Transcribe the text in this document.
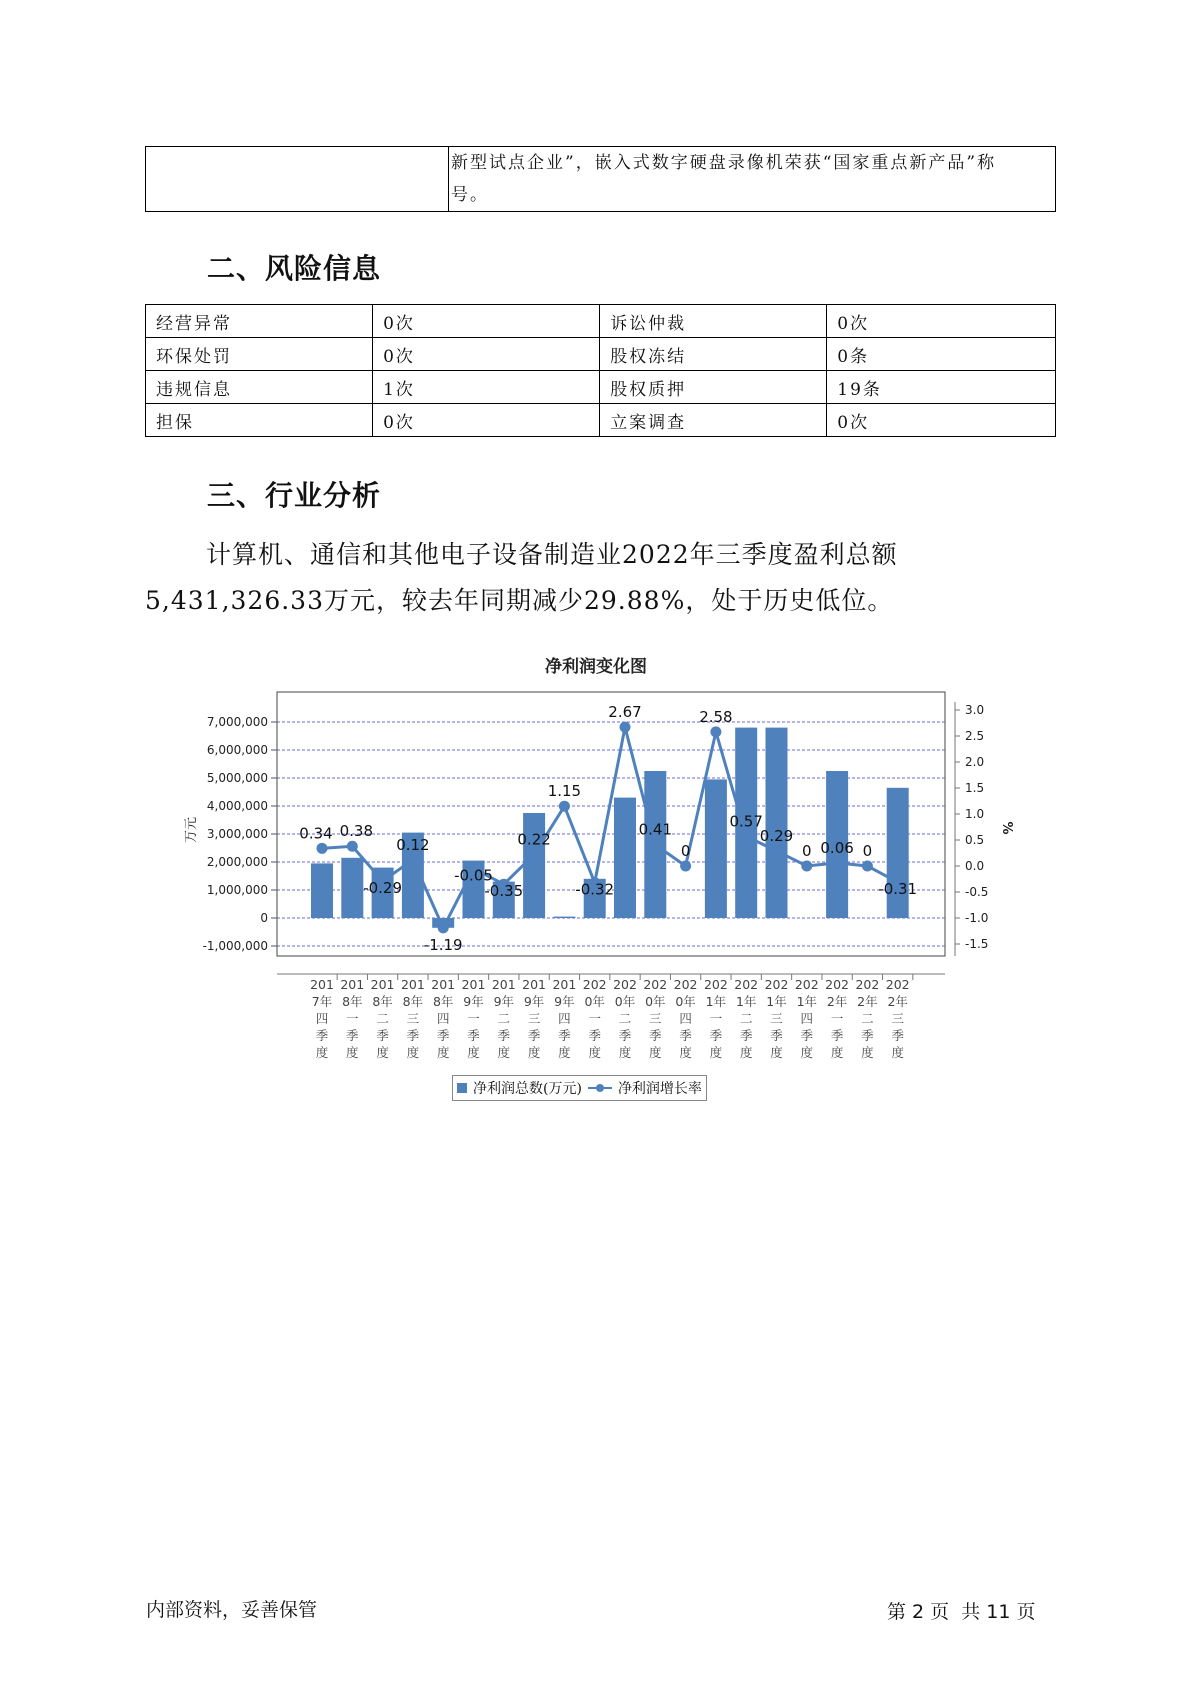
新型试点企业”，嵌入式数字硬盘录像机荣获“国家重点新产品”称
号。
二、风险信息
经营异常	0次	诉讼仲裁	0次
环保处罚	0次	股权冻结	0条
违规信息	1次	股权质押	19条
担保	0次	立案调查	0次
三、行业分析
计算机、通信和其他电子设备制造业2022年三季度盈利总额
5,431,326.33万元，较去年同期减少29.88%，处于历史低位。
净利润变化图
7,000,000
6,000,000
5,000,000
4,000,000
3,000,000
2,000,000
1,000,000
0
-1,000,000
3.0
2.5
2.0
1.5
1.0
0.5
0.0
-0.5
-1.0
-1.5
万元	%
201
7年
四
季
度
201
8年
一
季
度
201
8年
二
季
度
201
8年
三
季
度
201
8年
四
季
度
201
9年
一
季
度
201
9年
二
季
度
201
9年
三
季
度
201
9年
四
季
度
202
0年
一
季
度
202
0年
二
季
度
202
0年
三
季
度
202
0年
四
季
度
202
1年
一
季
度
202
1年
二
季
度
202
1年
三
季
度
202
1年
四
季
度
202
2年
一
季
度
202
2年
二
季
度
202
2年
三
季
度
0.34 0.38
-0.29
0.12
-1.19
-0.05
-0.35
0.22
1.15
-0.32
2.67
0.41
0
2.58
0.57
0.29
0 0.06 0
-0.31
净利润总数(万元)	净利润增长率
内部资料，妥善保管	第 2 页  共 11 页
